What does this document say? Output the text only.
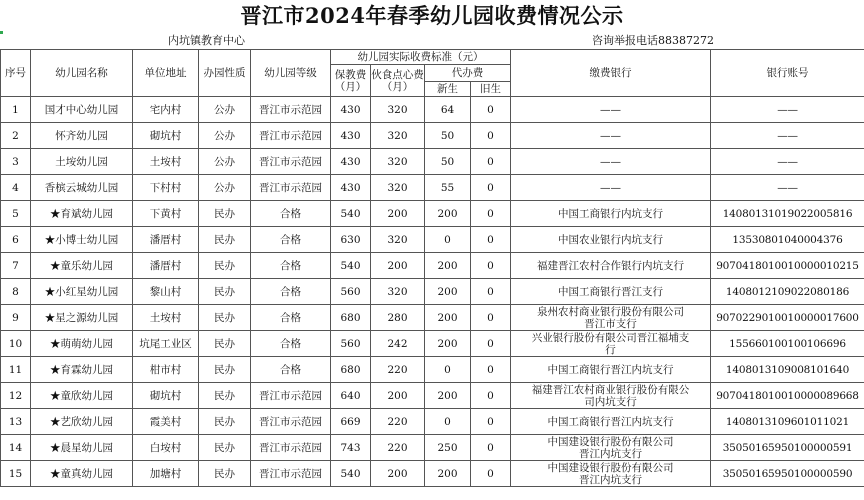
晋江市2024年春季幼儿园收费情况公示
内坑镇教育中心	咨询举报电话88387272
序号	幼儿园名称	单位地址	办园性质	幼儿园等级	幼儿园实际收费标准（元）				缴费银行	银行账号
					保教费（月）	伙食点心费（月）	代办费			
							新生	旧生		
1	国才中心幼儿园	宅内村	公办	晋江市示范园	430	320	64	0	——	——
2	怀齐幼儿园	砌坑村	公办	晋江市示范园	430	320	50	0	——	——
3	土垵幼儿园	土垵村	公办	晋江市示范园	430	320	50	0	——	——
4	香槟云城幼儿园	下村村	公办	晋江市示范园	430	320	55	0	——	——
5	★育斌幼儿园	下黄村	民办	合格	540	200	200	0	中国工商银行内坑支行	1408013101902200581​6
6	★小博士幼儿园	潘厝村	民办	合格	630	320	0	0	中国农业银行内坑支行	13530801040004376
7	★童乐幼儿园	潘厝村	民办	合格	540	200	200	0	福建晋江农村合作银行内坑支行	907041801001000001​0215
8	★小红星幼儿园	黎山村	民办	合格	560	320	200	0	中国工商银行晋江支行	1408012109022080186
9	★星之源幼儿园	土垵村	民办	合格	680	280	200	0	泉州农村商业银行股份有限公司
晋江市支行	907022901001000001​7600
10	★萌萌幼儿园	坑尾工业区	民办	合格	560	242	200	0	兴业银行股份有限公司晋江福埔支
行	155660100100106696
11	★育霖幼儿园	柑市村	民办	合格	680	220	0	0	中国工商银行晋江内坑支行	1408013109008101640
12	★童欣幼儿园	砌坑村	民办	晋江市示范园	640	200	200	0	福建晋江农村商业银行股份有限公
司内坑支行	907041801001000008​9668
13	★艺欣幼儿园	霞美村	民办	晋江市示范园	669	220	0	0	中国工商银行晋江内坑支行	1408013109601011021
14	★晨星幼儿园	白垵村	民办	晋江市示范园	743	220	250	0	中国建设银行股份有限公司
晋江内坑支行	35050165950100000591
15	★童真幼儿园	加塘村	民办	晋江市示范园	540	200	200	0	中国建设银行股份有限公司
晋江内坑支行	35050165950100000590
